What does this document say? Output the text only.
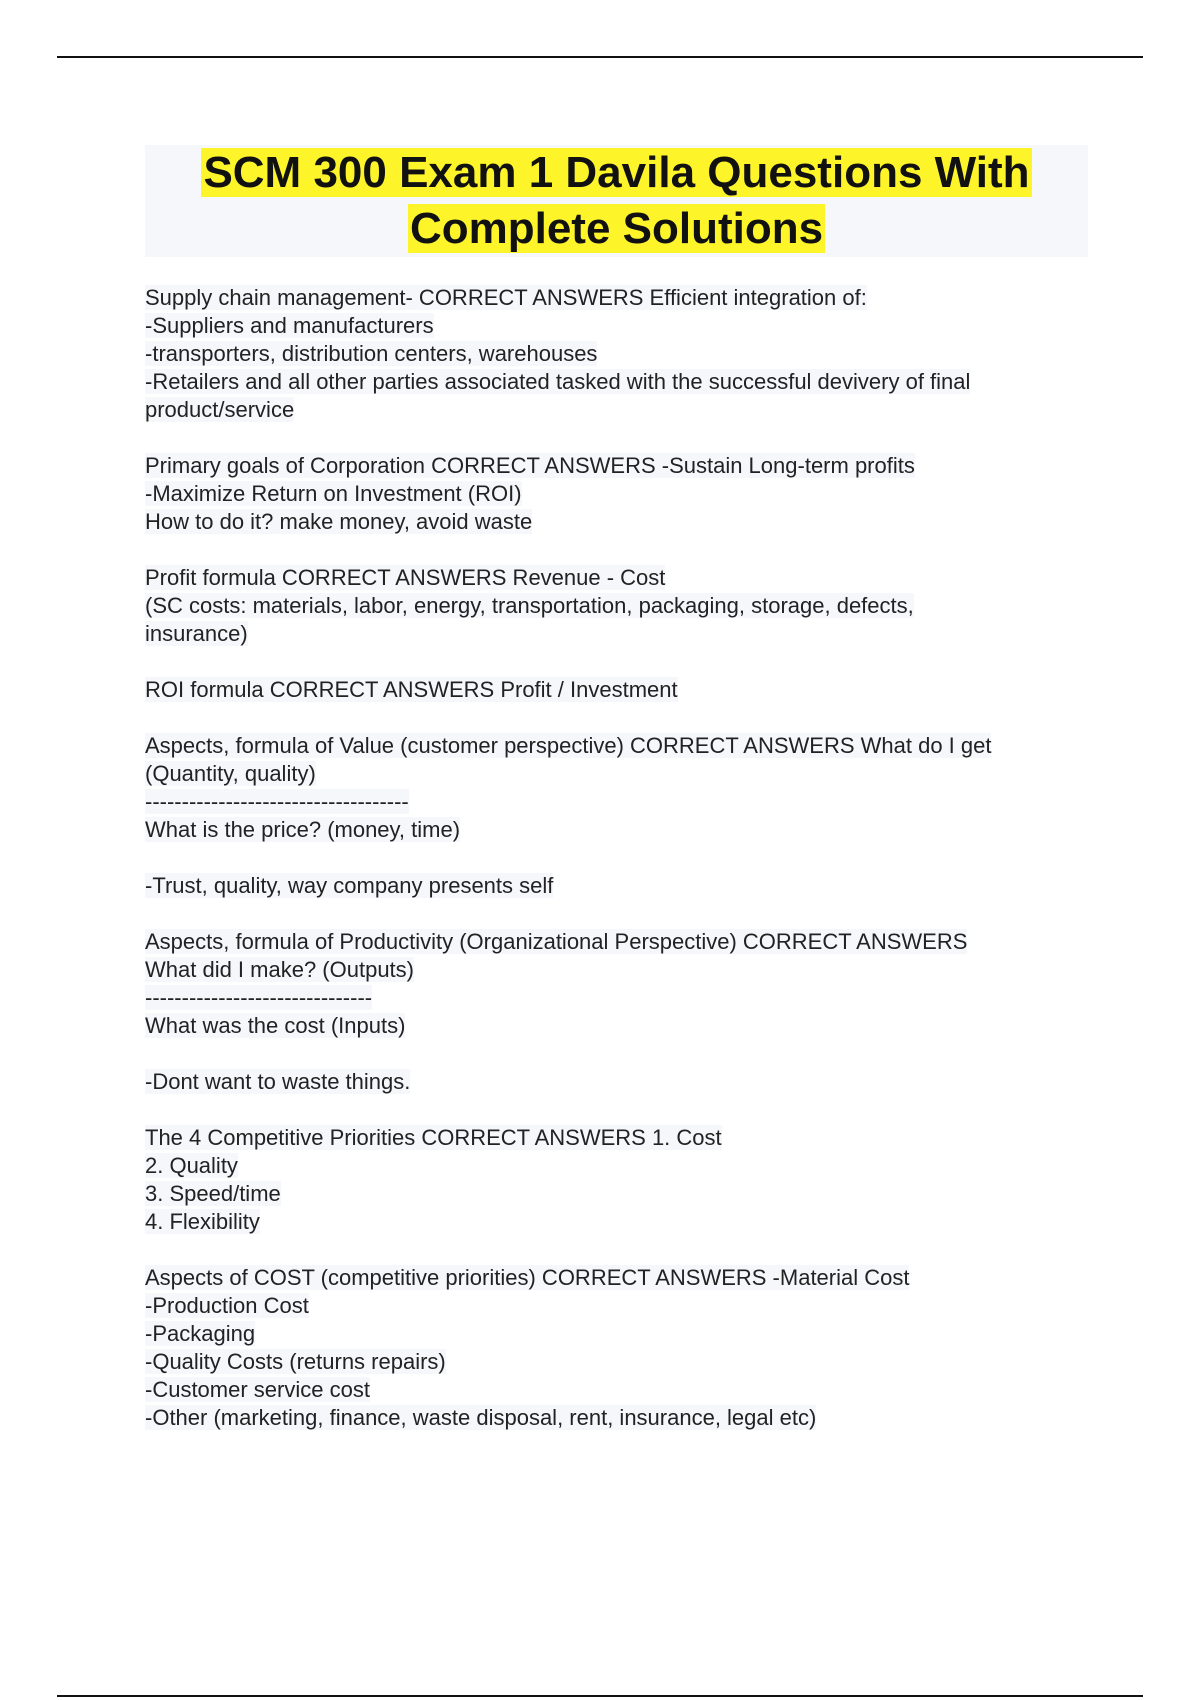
SCM 300 Exam 1 Davila Questions With
Complete Solutions
Supply chain management- CORRECT ANSWERS Efficient integration of:
-Suppliers and manufacturers
-transporters, distribution centers, warehouses
-Retailers and all other parties associated tasked with the successful devivery of final
product/service
Primary goals of Corporation CORRECT ANSWERS -Sustain Long-term profits
-Maximize Return on Investment (ROI)
How to do it? make money, avoid waste
Profit formula CORRECT ANSWERS Revenue - Cost
(SC costs: materials, labor, energy, transportation, packaging, storage, defects,
insurance)
ROI formula CORRECT ANSWERS Profit / Investment
Aspects, formula of Value (customer perspective) CORRECT ANSWERS What do I get
(Quantity, quality)
------------------------------------
What is the price? (money, time)
-Trust, quality, way company presents self
Aspects, formula of Productivity (Organizational Perspective) CORRECT ANSWERS
What did I make? (Outputs)
-------------------------------
What was the cost (Inputs)
-Dont want to waste things.
The 4 Competitive Priorities CORRECT ANSWERS 1. Cost
2. Quality
3. Speed/time
4. Flexibility
Aspects of COST (competitive priorities) CORRECT ANSWERS -Material Cost
-Production Cost
-Packaging
-Quality Costs (returns repairs)
-Customer service cost
-Other (marketing, finance, waste disposal, rent, insurance, legal etc)
